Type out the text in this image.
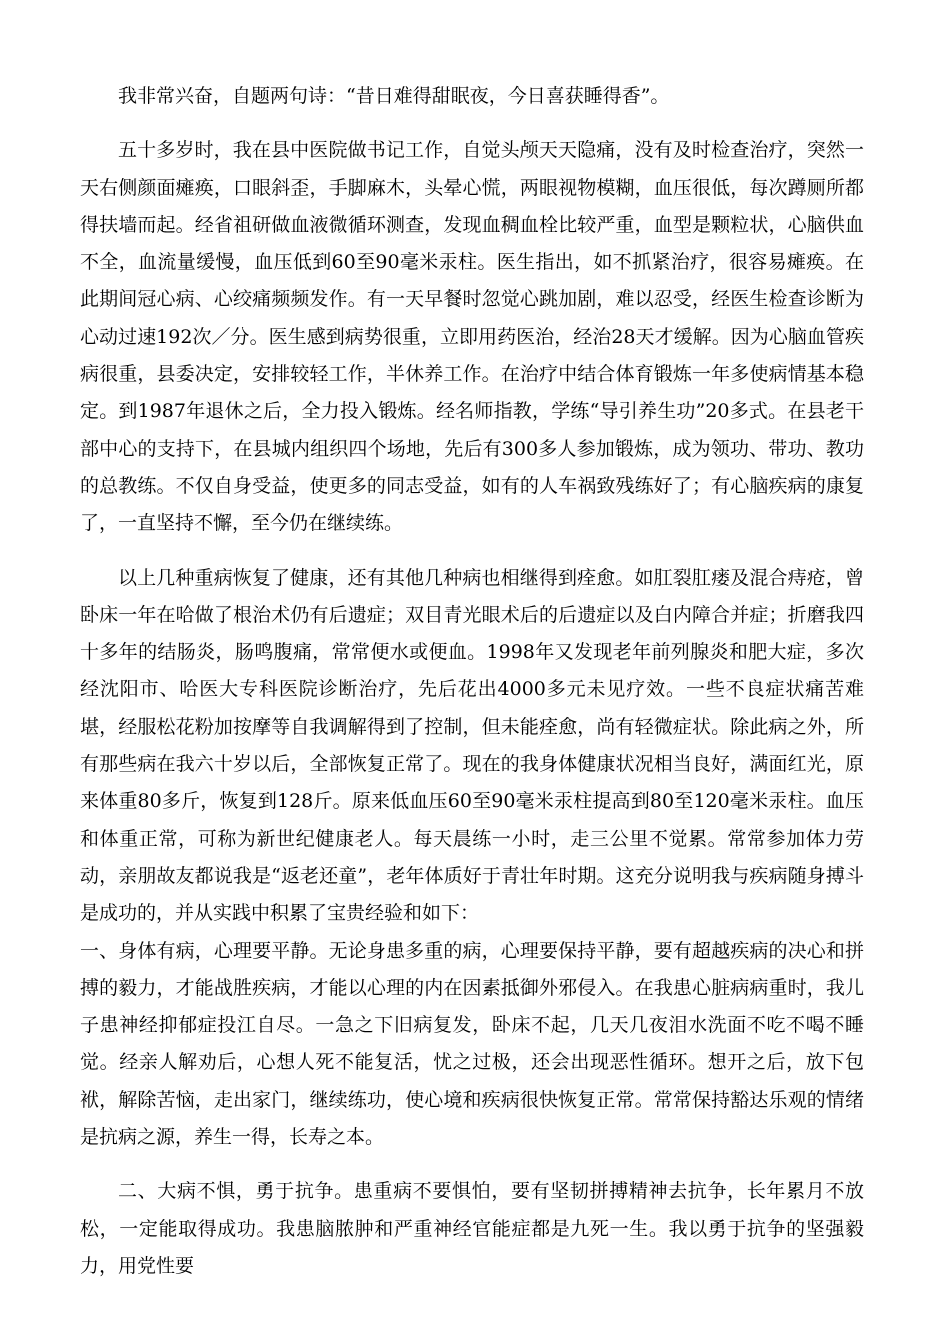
我非常兴奋，自题两句诗：“昔日难得甜眠夜，今日喜获睡得香”。

五十多岁时，我在县中医院做书记工作，自觉头颅天天隐痛，没有及时检查治疗，突然一天右侧颜面瘫痪，口眼斜歪，手脚麻木，头晕心慌，两眼视物模糊，血压很低，每次蹲厕所都得扶墙而起。经省祖研做血液微循环测查，发现血稠血栓比较严重，血型是颗粒状，心脑供血不全，血流量缓慢，血压低到60至90毫米汞柱。医生指出，如不抓紧治疗，很容易瘫痪。在此期间冠心病、心绞痛频频发作。有一天早餐时忽觉心跳加剧，难以忍受，经医生检查诊断为心动过速192次／分。医生感到病势很重，立即用药医治，经治28天才缓解。因为心脑血管疾病很重，县委决定，安排较轻工作，半休养工作。在治疗中结合体育锻炼一年多使病情基本稳定。到1987年退休之后，全力投入锻炼。经名师指教，学练“导引养生功”20多式。在县老干部中心的支持下，在县城内组织四个场地，先后有300多人参加锻炼，成为领功、带功、教功的总教练。不仅自身受益，使更多的同志受益，如有的人车祸致残练好了；有心脑疾病的康复了，一直坚持不懈，至今仍在继续练。

以上几种重病恢复了健康，还有其他几种病也相继得到痊愈。如肛裂肛瘘及混合痔疮，曾卧床一年在哈做了根治术仍有后遗症；双目青光眼术后的后遗症以及白内障合并症；折磨我四十多年的结肠炎，肠鸣腹痛，常常便水或便血。1998年又发现老年前列腺炎和肥大症，多次经沈阳市、哈医大专科医院诊断治疗，先后花出4000多元未见疗效。一些不良症状痛苦难堪，经服松花粉加按摩等自我调解得到了控制，但未能痊愈，尚有轻微症状。除此病之外，所有那些病在我六十岁以后，全部恢复正常了。现在的我身体健康状况相当良好，满面红光，原来体重80多斤，恢复到128斤。原来低血压60至90毫米汞柱提高到80至120毫米汞柱。血压和体重正常，可称为新世纪健康老人。每天晨练一小时，走三公里不觉累。常常参加体力劳动，亲朋故友都说我是“返老还童”，老年体质好于青壮年时期。这充分说明我与疾病随身搏斗是成功的，并从实践中积累了宝贵经验和如下：

一、身体有病，心理要平静。无论身患多重的病，心理要保持平静，要有超越疾病的决心和拼搏的毅力，才能战胜疾病，才能以心理的内在因素抵御外邪侵入。在我患心脏病病重时，我儿子患神经抑郁症投江自尽。一急之下旧病复发，卧床不起，几天几夜泪水洗面不吃不喝不睡觉。经亲人解劝后，心想人死不能复活，忧之过极，还会出现恶性循环。想开之后，放下包袱，解除苦恼，走出家门，继续练功，使心境和疾病很快恢复正常。常常保持豁达乐观的情绪是抗病之源，养生一得，长寿之本。

二、大病不惧，勇于抗争。患重病不要惧怕，要有坚韧拼搏精神去抗争，长年累月不放松，一定能取得成功。我患脑脓肿和严重神经官能症都是九死一生。我以勇于抗争的坚强毅力，用党性要
